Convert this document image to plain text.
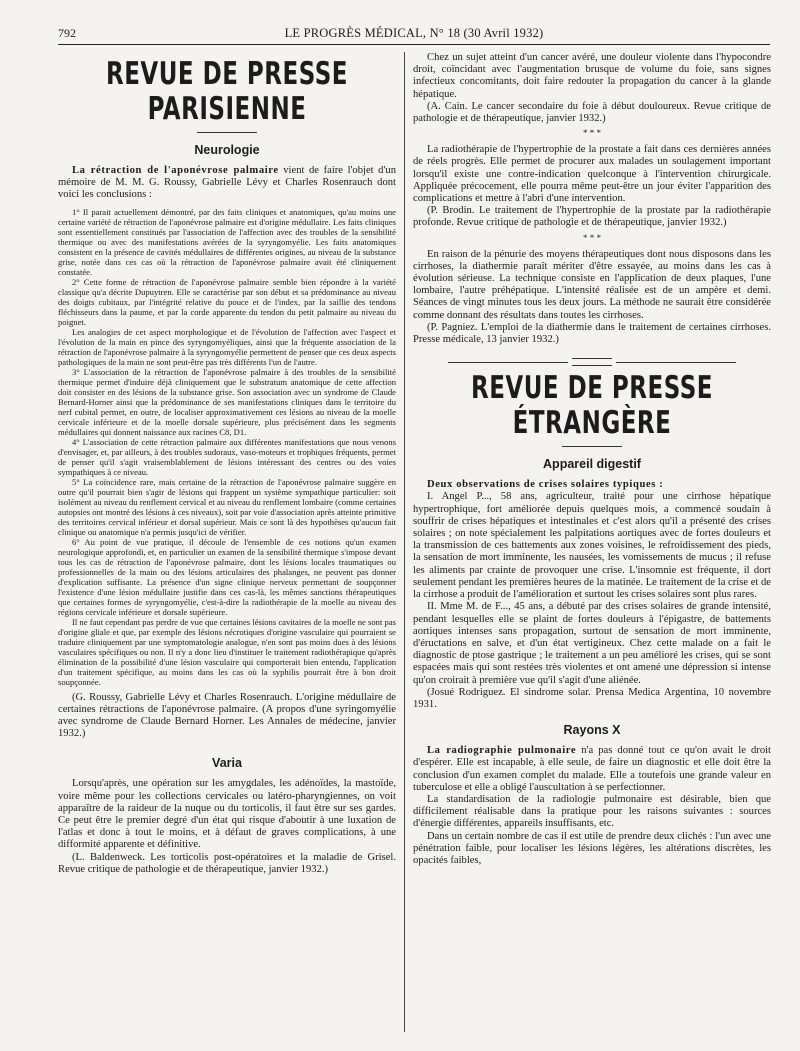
792	LE PROGRÈS MÉDICAL, N° 18 (30 Avril 1932)
REVUE DE PRESSE PARISIENNE
Neurologie

La rétraction de l'aponévrose palmaire vient de faire l'objet d'un mémoire de M. M. G. Roussy, Gabrielle Lévy et Charles Rosenrauch dont voici les conclusions :

1° Il parait actuellement démontré, par des faits cliniques et anatomiques, qu'au moins une certaine variété de rétraction de l'aponévrose palmaire est d'origine médullaire. Les faits cliniques sont essentiellement constitués par l'association de l'affection avec des troubles de la sensibilité thermique ou avec des manifestations avérées de la syryngomyélie. Les faits anatomiques consistent en la présence de cavités médullaires de différentes origines, au niveau de la substance grise, notée dans ces cas où la rétraction de l'aponévrose palmaire avait été cliniquement constatée.

2° Cette forme de rétraction de l'aponévrose palmaire semble bien répondre à la variété classique qu'a décrite Dupuytren. Elle se caractérise par son début et sa prédominance au niveau des doigts cubitaux, par l'intégrité relative du pouce et de l'index, par la saillie des tendons fléchisseurs dans la paume, et par la corde apparente du tendon du petit palmaire au niveau du poignet.

Les analogies de cet aspect morphologique et de l'évolution de l'affection avec l'aspect et l'évolution de la main en pince des syryngomyéliques, ainsi que la fréquente association de la rétraction de l'aponévrose palmaire à la syryngomyélie permettent de penser que ces deux aspects pathologiques de la main ne sont peut-être pas très différents l'un de l'autre.

3° L'association de la rétraction de l'aponévrose palmaire à des troubles de la sensibilité thermique permet d'induire déjà cliniquement que le substratum anatomique de cette affection doit consister en des lésions de la substance grise. Son association avec un syndrome de Claude Bernard-Horner ainsi que la prédominance de ses manifestations cliniques dans le territoire du nerf cubital permet, en outre, de localiser approximativement ces lésions au niveau de la moelle cervicale inférieure et de la moelle dorsale supérieure, plus précisément dans les segments médullaires qui donnent naissance aux racines C8, D1.

4° L'association de cette rétraction palmaire aux différentes manifestations que nous venons d'envisager, et, par ailleurs, à des troubles sudoraux, vaso-moteurs et trophiques fréquents, permet de penser qu'il s'agit vraisemblablement de lésions intéressant des centres ou des voies sympathiques à ce niveau.

5° La coïncidence rare, mais certaine de la rétraction de l'aponévrose palmaire suggère en outre qu'il pourrait bien s'agir de lésions qui frappent un système sympathique particulier: soit isolément au niveau du renflement cervical et au niveau du renflement lombaire (comme certaines autopsies ont montré des lésions à ces niveaux), soit par voie d'association après atteinte primitive des territoires cervical inférieur et dorsal supérieur. Mais ce sont là des hypothèses qu'aucun fait clinique ou anatomique n'a permis jusqu'ici de vérifier.

6° Au point de vue pratique, il découle de l'ensemble de ces notions qu'un examen neurologique approfondi, et, en particulier un examen de la sensibilité thermique s'impose devant tous les cas de rétraction de l'aponévrose palmaire, dont les lésions locales traumatiques ou professionnelles de la main ou des lésions articulaires des phalanges, ne peuvent pas donner d'explication suffisante. La présence d'un signe clinique nerveux permettant de soupçonner l'existence d'une lésion médullaire justifie dans ces cas-là, les mêmes sanctions thérapeutiques que certaines formes de syryngomyélie, c'est-à-dire la radiothérapie de la moelle au niveau des régions cervicale inférieure et dorsale supérieure.

Il ne faut cependant pas perdre de vue que certaines lésions cavitaires de la moelle ne sont pas d'origine gliale et que, par exemple des lésions nécrotiques d'origine vasculaire qui pourraient se traduire cliniquement par une symptomatologie analogue, n'en sont pas moins dues à des lésions vasculaires spécifiques ou non. Il n'y a donc lieu d'instituer le traitement radiothérapique qu'après élimination de la possibilité d'une lésion vasculaire qui comporterait bien entendu, l'application d'un traitement spécifique, au moins dans les cas où la syphilis pourrait être à bon droit soupçonnée.

(G. Roussy, Gabrielle Lévy et Charles Rosenrauch. L'origine médullaire de certaines rétractions de l'aponévrose palmaire. (A propos d'une syringomyélie avec syndrome de Claude Bernard Horner. Les Annales de médecine, janvier 1932.)

Varia

Lorsqu'après, une opération sur les amygdales, les adénoïdes, la mastoïde, voire même pour les collections cervicales ou latéro-pharyngiennes, on voit apparaître de la raideur de la nuque ou du torticolis, il faut être sur ses gardes. Ce peut être le premier degré d'un état qui risque d'aboutir à une luxation de l'atlas et donc à tout le moins, et à défaut de graves complications, à une difformité apparente et définitive.

(L. Baldenweck. Les torticolis post-opératoires et la maladie de Grisel. Revue critique de pathologie et de thérapeutique, janvier 1932.)

Chez un sujet atteint d'un cancer avéré, une douleur violente dans l'hypocondre droit, coïncidant avec l'augmentation brusque de volume du foie, sans signes infectieux concomitants, doit faire redouter la propagation du cancer à la glande hépatique.

(A. Cain. Le cancer secondaire du foie à début douloureux. Revue critique de pathologie et de thérapeutique, janvier 1932.)

* * *

La radiothérapie de l'hypertrophie de la prostate a fait dans ces dernières années de réels progrès. Elle permet de procurer aux malades un soulagement important lorsqu'il existe une contre-indication quelconque à l'intervention chirurgicale. Appliquée précocement, elle pourra même peut-être un jour éviter l'apparition des complications et mettre à l'abri d'une intervention.

(P. Brodin. Le traitement de l'hypertrophie de la prostate par la radiothérapie profonde. Revue critique de pathologie et de thérapeutique, janvier 1932.)

* * *

En raison de la pénurie des moyens thérapeutiques dont nous disposons dans les cirrhoses, la diathermie paraît mériter d'être essayée, au moins dans les cas à évolution sérieuse. La technique consiste en l'application de deux plaques, l'une lombaire, l'autre préhépatique. L'intensité réalisée est de un ampère et demi. Séances de vingt minutes tous les deux jours. La méthode ne saurait être considérée comme donnant des résultats dans toutes les cirrhoses.

(P. Pagniez. L'emploi de la diathermie dans le traitement de certaines cirrhoses. Presse médicale, 13 janvier 1932.)

REVUE DE PRESSE ÉTRANGÈRE
Appareil digestif

Deux observations de crises solaires typiques :

I. Angel P..., 58 ans, agriculteur, traité pour une cirrhose hépatique hypertrophique, fort améliorée depuis quelques mois, a commencé soudain à souffrir de crises hépatiques et intestinales et c'est alors qu'il a présenté des crises solaires ; on note spécialement les palpitations aortiques avec de fortes douleurs et la transmission de ces battements aux zones voisines, le refroidissement des pieds, la sensation de mort imminente, les nausées, les vomissements de mucus ; il refuse les aliments par crainte de provoquer une crise. L'insomnie est fréquente, il dort seulement pendant les premières heures de la matinée. Le traitement de la crise et de la cirrhose a produit de l'amélioration et surtout les crises solaires sont plus rares.

II. Mme M. de F..., 45 ans, a débuté par des crises solaires de grande intensité, pendant lesquelles elle se plaint de fortes douleurs à l'épigastre, de battements aortiques intenses sans propagation, surtout de sensation de mort imminente, d'éructations en salve, et d'un état vertigineux. Chez cette malade on a fait le diagnostic de ptose gastrique ; le traitement a un peu amélioré les crises, qui se sont espacées mais qui sont restées très violentes et ont amené une dépression si intense qu'on croirait à première vue qu'il s'agit d'une aliénée.

(Josué Rodriguez. El sindrome solar. Prensa Medica Argentina, 10 novembre 1931.

Rayons X

La radiographie pulmonaire n'a pas donné tout ce qu'on avait le droit d'espérer. Elle est incapable, à elle seule, de faire un diagnostic et elle doit être la conclusion d'un examen complet du malade. Elle a toutefois une grande valeur en tuberculose et elle a obligé l'auscultation à se perfectionner.

La standardisation de la radiologie pulmonaire est désirable, bien que difficilement réalisable dans la pratique pour les raisons suivantes : sources d'énergie différentes, appareils insuffisants, etc.

Dans un certain nombre de cas il est utile de prendre deux clichés : l'un avec une pénétration faible, pour localiser les lésions légères, les altérations discrètes, les opacités faibles,
